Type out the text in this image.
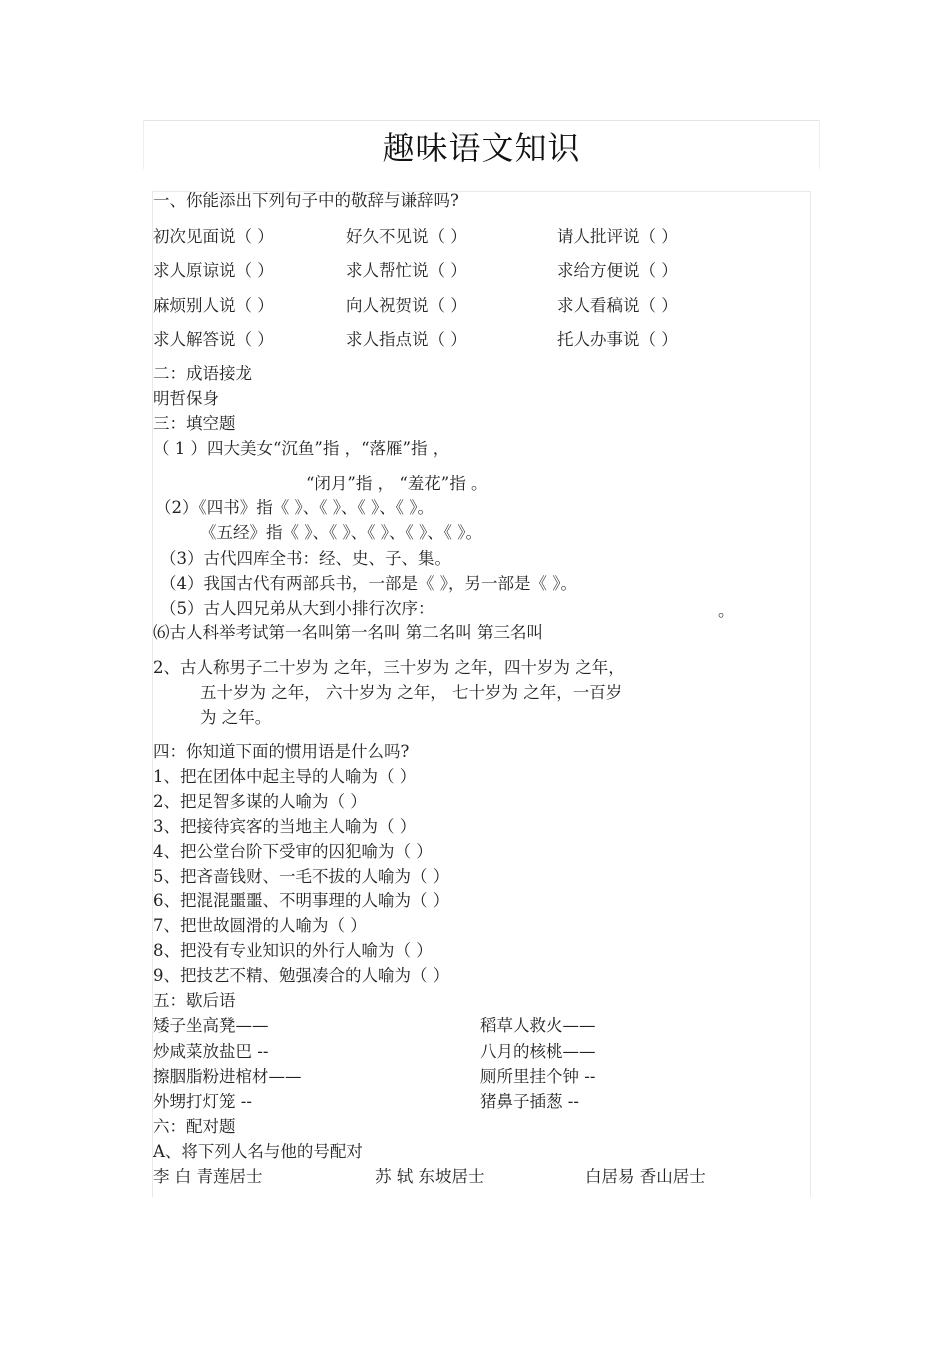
趣味语文知识
一、你能添出下列句子中的敬辞与谦辞吗?
初次见面说（ ）	好久不见说（ ）	请人批评说（ ）
求人原谅说（ ）	求人帮忙说（ ）	求给方便说（ ）
麻烦别人说（ ）	向人祝贺说（ ）	求人看稿说（ ）
求人解答说（ ）	求人指点说（ ）	托人办事说（ ）
二：成语接龙
明哲保身
三：填空题
（ 1 ）四大美女“沉鱼”指 ，“落雁”指 ，
“闭月”指 ， “羞花”指 。
（2）《四书》指《 》、《 》、《 》、《 》。
《五经》指《 》、《 》、《 》、《 》、《 》。
（3）古代四库全书：经、史、子、集。
（4）我国古代有两部兵书，一部是《 》，另一部是《 》。
（5）古人四兄弟从大到小排行次序：	。
⑹古人科举考试第一名叫第一名叫 第二名叫 第三名叫
2、古人称男子二十岁为 之年，三十岁为 之年，四十岁为 之年，
五十岁为 之年， 六十岁为 之年， 七十岁为 之年，一百岁
为 之年。
四：你知道下面的惯用语是什么吗?
1、把在团体中起主导的人喻为（ ）
2、把足智多谋的人喻为（ ）
3、把接待宾客的当地主人喻为（ ）
4、把公堂台阶下受审的囚犯喻为（ ）
5、把吝啬钱财、一毛不拔的人喻为（ ）
6、把混混噩噩、不明事理的人喻为（ ）
7、把世故圆滑的人喻为（ ）
8、把没有专业知识的外行人喻为（ ）
9、把技艺不精、勉强凑合的人喻为（ ）
五：歇后语
矮子坐高凳——	稻草人救火——
炒咸菜放盐巴 --	八月的核桃——
擦胭脂粉进棺材——	厕所里挂个钟 --
外甥打灯笼 --	猪鼻子插葱 --
六：配对题
A、将下列人名与他的号配对
李 白 青莲居士	苏 轼 东坡居士	白居易 香山居士
